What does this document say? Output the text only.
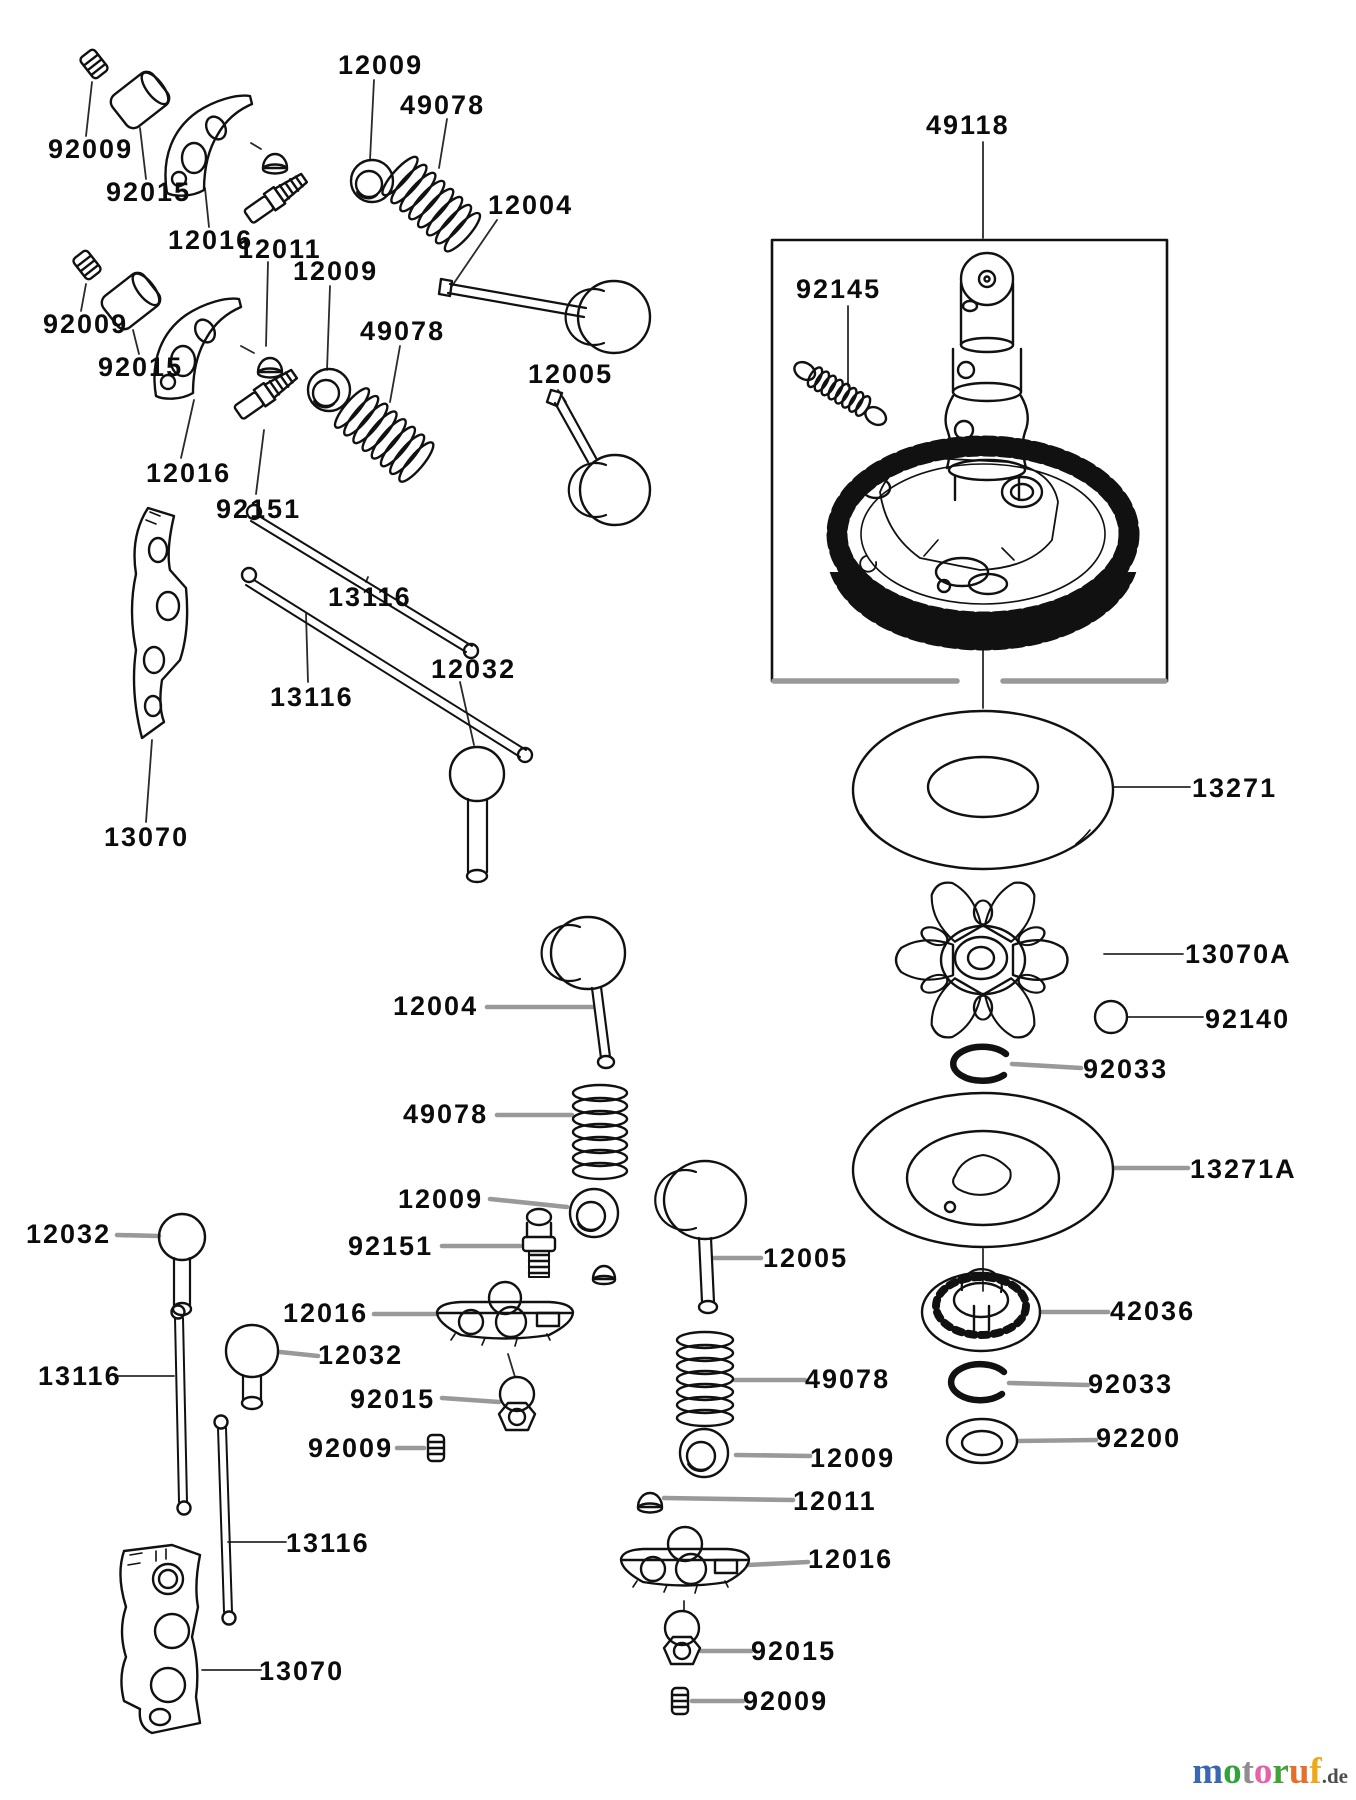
12009
49078
49118
92009
92015	12004
12016
12011
12009
92145
92009	49078
92015	12005
12016
92151
13116
12032
13116
13070
12004
49078
12009
12032	92151	12005
12016
12032
13116	49078
92015
92009	12009
12011
13116
12016
92015
13070
92009
13271
13070A
92140
92033
13271A
42036
92033
92200
motoruf.de
